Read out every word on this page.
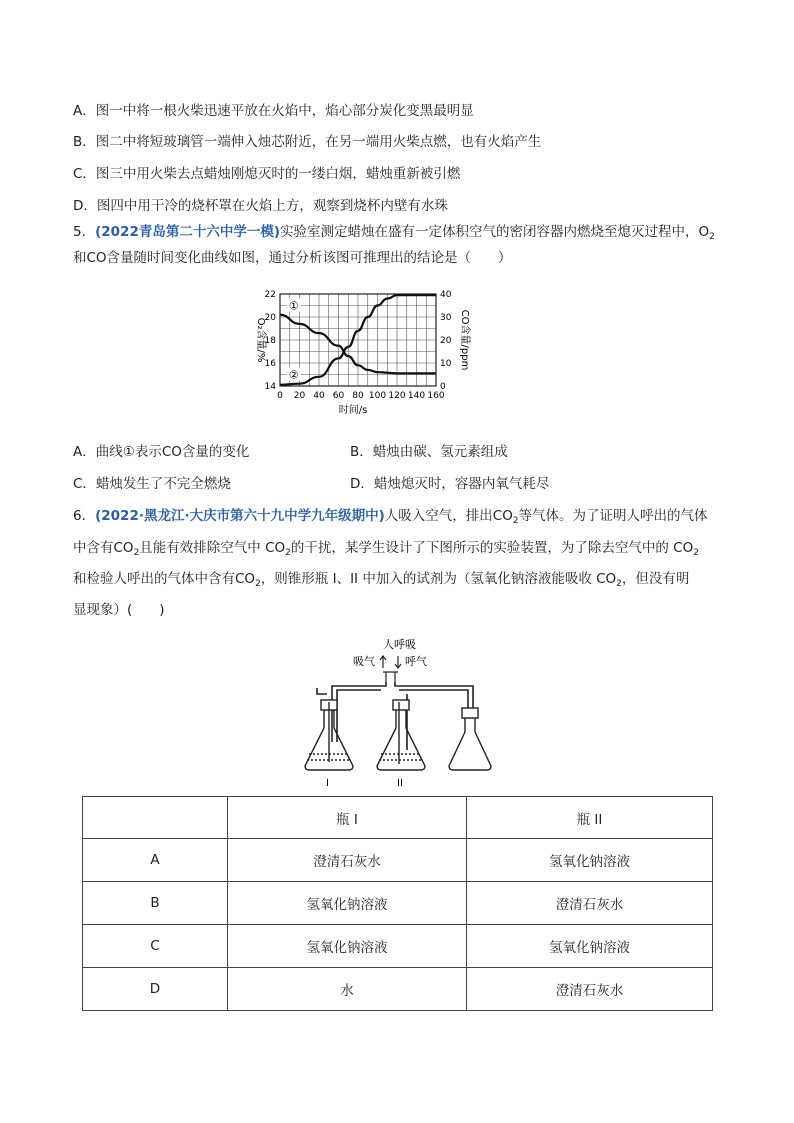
A．图一中将一根火柴迅速平放在火焰中，焰心部分炭化变黑最明显
B．图二中将短玻璃管一端伸入烛芯附近，在另一端用火柴点燃，也有火焰产生
C．图三中用火柴去点蜡烛刚熄灭时的一缕白烟，蜡烛重新被引燃
D．图四中用干冷的烧杯罩在火焰上方，观察到烧杯内壁有水珠
5．(2022青岛第二十六中学一模)实验室测定蜡烛在盛有一定体积空气的密闭容器内燃烧至熄灭过程中，$O_2$
和CO含量随时间变化曲线如图，通过分析该图可推理出的结论是（　　）
0 20 40 60 80 100 120 140 160
14
16
18
20
22
0
10
20
30
40
①
②
O₂含量/%	CO含量/ppm
时间/s
A．曲线①表示CO含量的变化	B．蜡烛由碳、氢元素组成
C．蜡烛发生了不完全燃烧	D．蜡烛熄灭时，容器内氧气耗尽
6．(2022·黑龙江·大庆市第六十九中学九年级期中)人吸入空气，排出$CO_2$等气体。为了证明人呼出的气体
中含有$CO_2$且能有效排除空气中 $CO_2$的干扰，某学生设计了下图所示的实验装置，为了除去空气中的 $CO_2$
和检验人呼出的气体中含有$CO_2$，则锥形瓶 I、II 中加入的试剂为（氢氧化钠溶液能吸收 $CO_2$，但没有明
显现象）(　　)
人呼吸
吸气	呼气
I	II
	瓶 I	瓶 II
A	澄清石灰水	氢氧化钠溶液
B	氢氧化钠溶液	澄清石灰水
C	氢氧化钠溶液	氢氧化钠溶液
D	水	澄清石灰水
